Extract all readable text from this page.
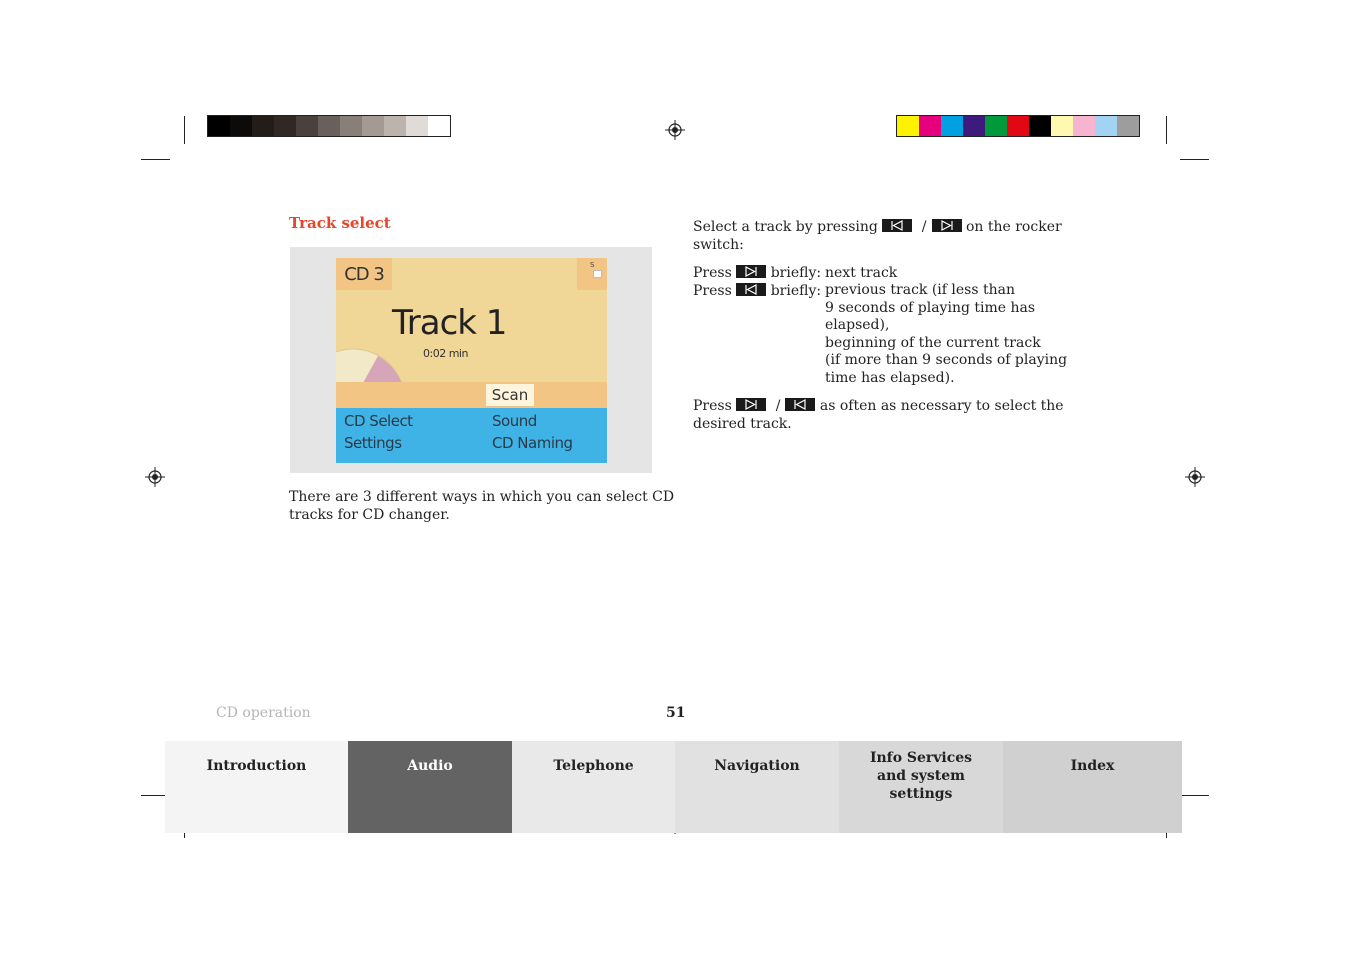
Track select
CD 3	S
Track 1
0:02 min
Scan
CD Select	Sound
Settings	CD Naming
There are 3 different ways in which you can select CD
tracks for CD changer.
Select a track by pressing	/	on the rocker
switch:
Press	briefly: next track
Press	briefly: previous track (if less than
9 seconds of playing time has
elapsed),
beginning of the current track
(if more than 9 seconds of playing
time has elapsed).
Press	/	as often as necessary to select the
desired track.
CD operation	51
Introduction	Audio	Telephone	Navigation	Info Services and system settings
Index
